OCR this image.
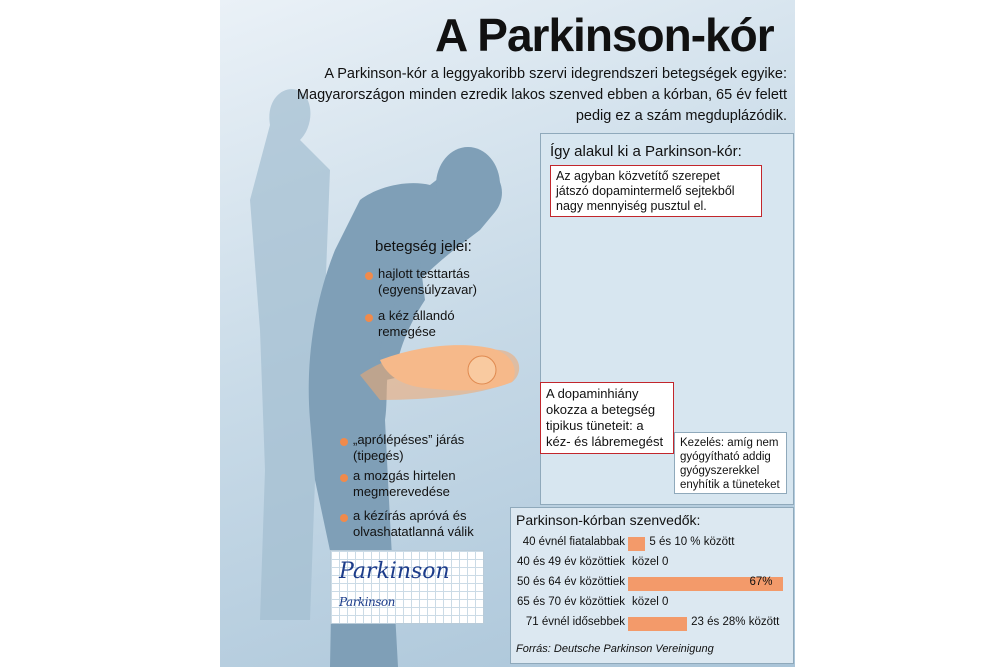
A Parkinson-kór
A Parkinson-kór a leggyakoribb szervi idegrendszeri betegségek egyike: Magyarországon minden ezredik lakos szenved ebben a kórban, 65 év felett pedig ez a szám megduplázódik.
betegség jelei:
hajlott testtartás (egyensúlyzavar)
a kéz állandó remegése
„aprólépéses” járás (tipegés)
a mozgás hirtelen megmerevedése
a kézírás apróvá és olvashatatlanná válik
Parkinson
Parkinson
Így alakul ki a Parkinson-kór:
Az agyban közvetítő szerepet játszó dopamintermelő sejtekből nagy mennyiség pusztul el.
A dopaminhiány okozza a betegség tipikus tüneteit: a kéz- és lábremegést	Kezelés: amíg nem gyógyítható addig gyógyszerekkel enyhítik a tüneteket
Parkinson-kórban szenvedők:
40 évnél fiatalabbak 5 és 10 % között
40 és 49 év közöttiek közel 0
50 és 64 év közöttiek	67%
65 és 70 év közöttiek közel 0
71 évnél idősebbek	23 és 28% között
Forrás: Deutsche Parkinson Vereinigung
